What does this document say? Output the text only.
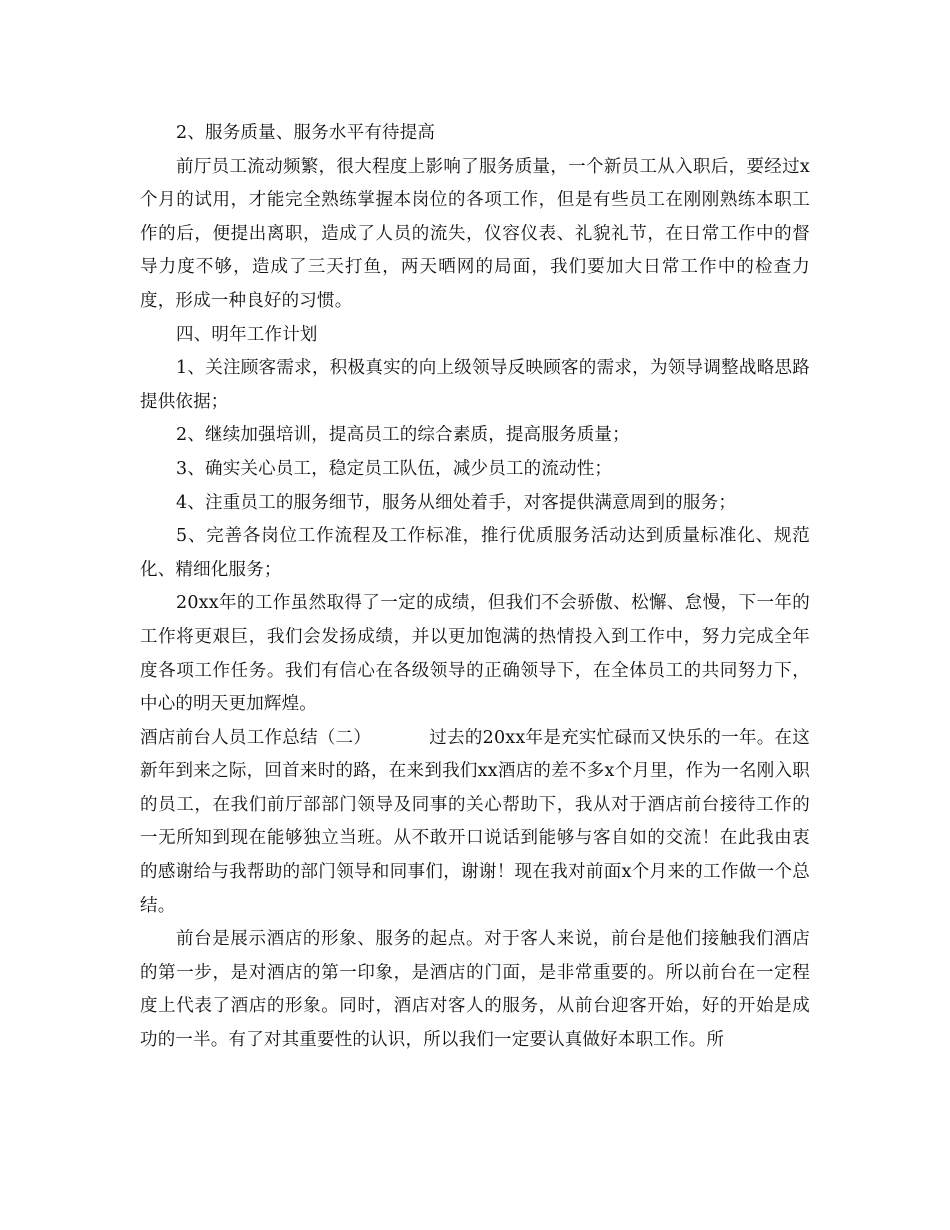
2、服务质量、服务水平有待提高

前厅员工流动频繁，很大程度上影响了服务质量，一个新员工从入职后，要经过x个月的试用，才能完全熟练掌握本岗位的各项工作，但是有些员工在刚刚熟练本职工作的后，便提出离职，造成了人员的流失，仪容仪表、礼貌礼节，在日常工作中的督导力度不够，造成了三天打鱼，两天晒网的局面，我们要加大日常工作中的检查力度，形成一种良好的习惯。

四、明年工作计划

1、关注顾客需求，积极真实的向上级领导反映顾客的需求，为领导调整战略思路提供依据；

2、继续加强培训，提高员工的综合素质，提高服务质量；

3、确实关心员工，稳定员工队伍，减少员工的流动性；

4、注重员工的服务细节，服务从细处着手，对客提供满意周到的服务；

5、完善各岗位工作流程及工作标准，推行优质服务活动达到质量标准化、规范化、精细化服务；

20xx年的工作虽然取得了一定的成绩，但我们不会骄傲、松懈、怠慢，下一年的工作将更艰巨，我们会发扬成绩，并以更加饱满的热情投入到工作中，努力完成全年度各项工作任务。我们有信心在各级领导的正确领导下，在全体员工的共同努力下，中心的明天更加辉煌。

酒店前台人员工作总结（二）	过去的20xx年是充实忙碌而又快乐的一年。在这新年到来之际，回首来时的路，在来到我们xx酒店的差不多x个月里，作为一名刚入职的员工，在我们前厅部部门领导及同事的关心帮助下，我从对于酒店前台接待工作的一无所知到现在能够独立当班。从不敢开口说话到能够与客自如的交流！在此我由衷的感谢给与我帮助的部门领导和同事们，谢谢！现在我对前面x个月来的工作做一个总结。

前台是展示酒店的形象、服务的起点。对于客人来说，前台是他们接触我们酒店的第一步，是对酒店的第一印象，是酒店的门面，是非常重要的。所以前台在一定程度上代表了酒店的形象。同时，酒店对客人的服务，从前台迎客开始，好的开始是成功的一半。有了对其重要性的认识，所以我们一定要认真做好本职工作。所
